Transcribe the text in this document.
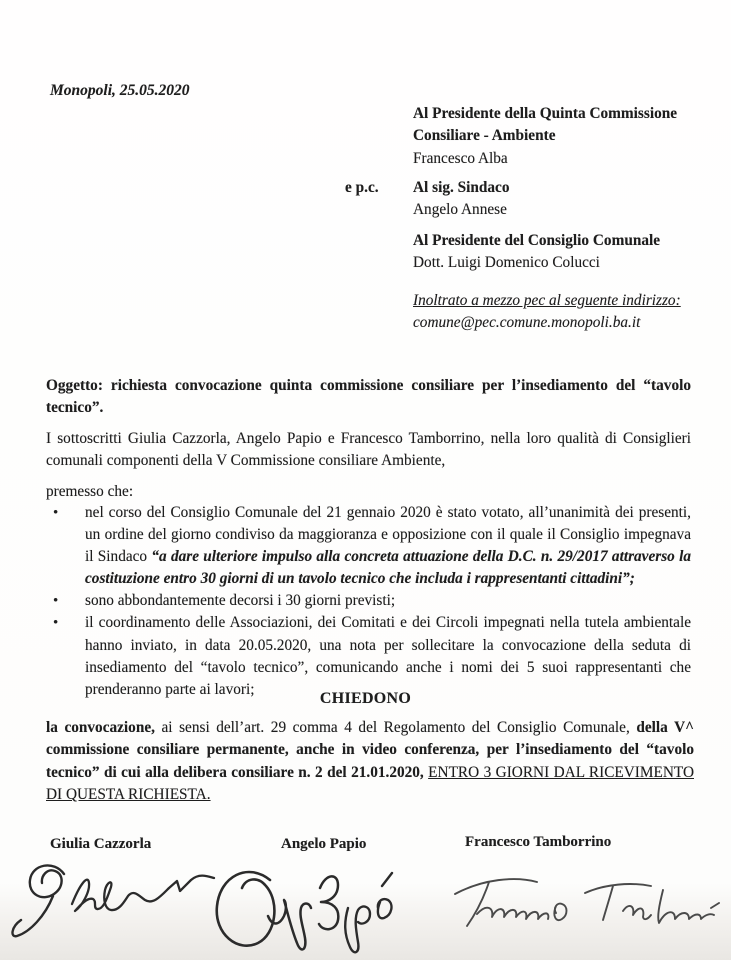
Monopoli, 25.05.2020
Al Presidente della Quinta Commissione
Consiliare - Ambiente
Francesco Alba
e p.c. Al sig. Sindaco
Angelo Annese
Al Presidente del Consiglio Comunale
Dott. Luigi Domenico Colucci
Inoltrato a mezzo pec al seguente indirizzo:
comune@pec.comune.monopoli.ba.it
Oggetto: richiesta convocazione quinta commissione consiliare per l’insediamento del “tavolo tecnico”.
I sottoscritti Giulia Cazzorla, Angelo Papio e Francesco Tamborrino, nella loro qualità di Consiglieri comunali componenti della V Commissione consiliare Ambiente,
premesso che:
• nel corso del Consiglio Comunale del 21 gennaio 2020 è stato votato, all’unanimità dei presenti, un ordine del giorno condiviso da maggioranza e opposizione con il quale il Consiglio impegnava il Sindaco “a dare ulteriore impulso alla concreta attuazione della D.C. n. 29/2017 attraverso la costituzione entro 30 giorni di un tavolo tecnico che includa i rappresentanti cittadini”;
• sono abbondantemente decorsi i 30 giorni previsti;
• il coordinamento delle Associazioni, dei Comitati e dei Circoli impegnati nella tutela ambientale hanno inviato, in data 20.05.2020, una nota per sollecitare la convocazione della seduta di insediamento del “tavolo tecnico”, comunicando anche i nomi dei 5 suoi rappresentanti che prenderanno parte ai lavori;
CHIEDONO
la convocazione, ai sensi dell’art. 29 comma 4 del Regolamento del Consiglio Comunale, della V^ commissione consiliare permanente, anche in video conferenza, per l’insediamento del “tavolo tecnico” di cui alla delibera consiliare n. 2 del 21.01.2020, ENTRO 3 GIORNI DAL RICEVIMENTO DI QUESTA RICHIESTA.
Giulia Cazzorla	Angelo Papio	Francesco Tamborrino
